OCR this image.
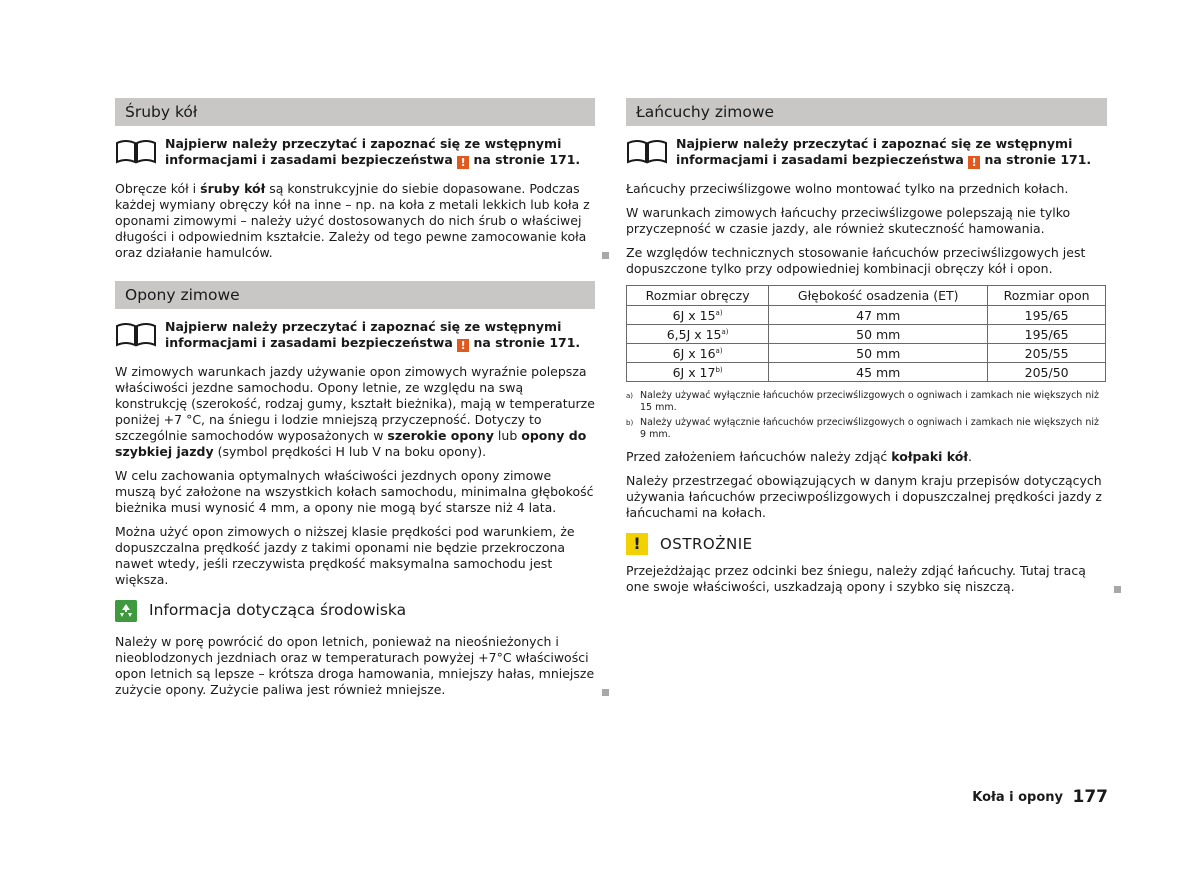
Śruby kół
Najpierw należy przeczytać i zapoznać się ze wstępnymi informacjami i zasadami bezpieczeństwa ! na stronie 171.

Obręcze kół i śruby kół są konstrukcyjnie do siebie dopasowane. Podczas każdej wymiany obręczy kół na inne – np. na koła z metali lekkich lub koła z oponami zimowymi – należy użyć dostosowanych do nich śrub o właściwej długości i odpowiednim kształcie. Zależy od tego pewne zamocowanie koła oraz działanie hamulców.

Opony zimowe
Najpierw należy przeczytać i zapoznać się ze wstępnymi informacjami i zasadami bezpieczeństwa ! na stronie 171.

W zimowych warunkach jazdy używanie opon zimowych wyraźnie polepsza właściwości jezdne samochodu. Opony letnie, ze względu na swą konstrukcję (szerokość, rodzaj gumy, kształt bieżnika), mają w temperaturze poniżej +7 °C, na śniegu i lodzie mniejszą przyczepność. Dotyczy to szczególnie samochodów wyposażonych w szerokie opony lub opony do szybkiej jazdy (symbol prędkości H lub V na boku opony).

W celu zachowania optymalnych właściwości jezdnych opony zimowe muszą być założone na wszystkich kołach samochodu, minimalna głębokość bieżnika musi wynosić 4 mm, a opony nie mogą być starsze niż 4 lata.

Można użyć opon zimowych o niższej klasie prędkości pod warunkiem, że dopuszczalna prędkość jazdy z takimi oponami nie będzie przekroczona nawet wtedy, jeśli rzeczywista prędkość maksymalna samochodu jest większa.

Informacja dotycząca środowiska

Należy w porę powrócić do opon letnich, ponieważ na nieośnieżonych i nieoblodzonych jezdniach oraz w temperaturach powyżej +7°C właściwości opon letnich są lepsze – krótsza droga hamowania, mniejszy hałas, mniejsze zużycie opony. Zużycie paliwa jest również mniejsze.

Łańcuchy zimowe
Najpierw należy przeczytać i zapoznać się ze wstępnymi informacjami i zasadami bezpieczeństwa ! na stronie 171.

Łańcuchy przeciwślizgowe wolno montować tylko na przednich kołach.

W warunkach zimowych łańcuchy przeciwślizgowe polepszają nie tylko przyczepność w czasie jazdy, ale również skuteczność hamowania.

Ze względów technicznych stosowanie łańcuchów przeciwślizgowych jest dopuszczone tylko przy odpowiedniej kombinacji obręczy kół i opon.

Rozmiar obręczy	Głębokość osadzenia (ET)	Rozmiar opon
6J x 15$^{a)}$	47 mm	195/65
6,5J x 15$^{a)}$	50 mm	195/65
6J x 16$^{a)}$	50 mm	205/55
6J x 17$^{b)}$	45 mm	205/50
a) Należy używać wyłącznie łańcuchów przeciwślizgowych o ogniwach i zamkach nie większych niż 15 mm.
b) Należy używać wyłącznie łańcuchów przeciwślizgowych o ogniwach i zamkach nie większych niż 9 mm.

Przed założeniem łańcuchów należy zdjąć kołpaki kół.

Należy przestrzegać obowiązujących w danym kraju przepisów dotyczących używania łańcuchów przeciwpoślizgowych i dopuszczalnej prędkości jazdy z łańcuchami na kołach.

!	OSTROŻNIE

Przejeżdżając przez odcinki bez śniegu, należy zdjąć łańcuchy. Tutaj tracą one swoje właściwości, uszkadzają opony i szybko się niszczą.

Koła i opony 177
